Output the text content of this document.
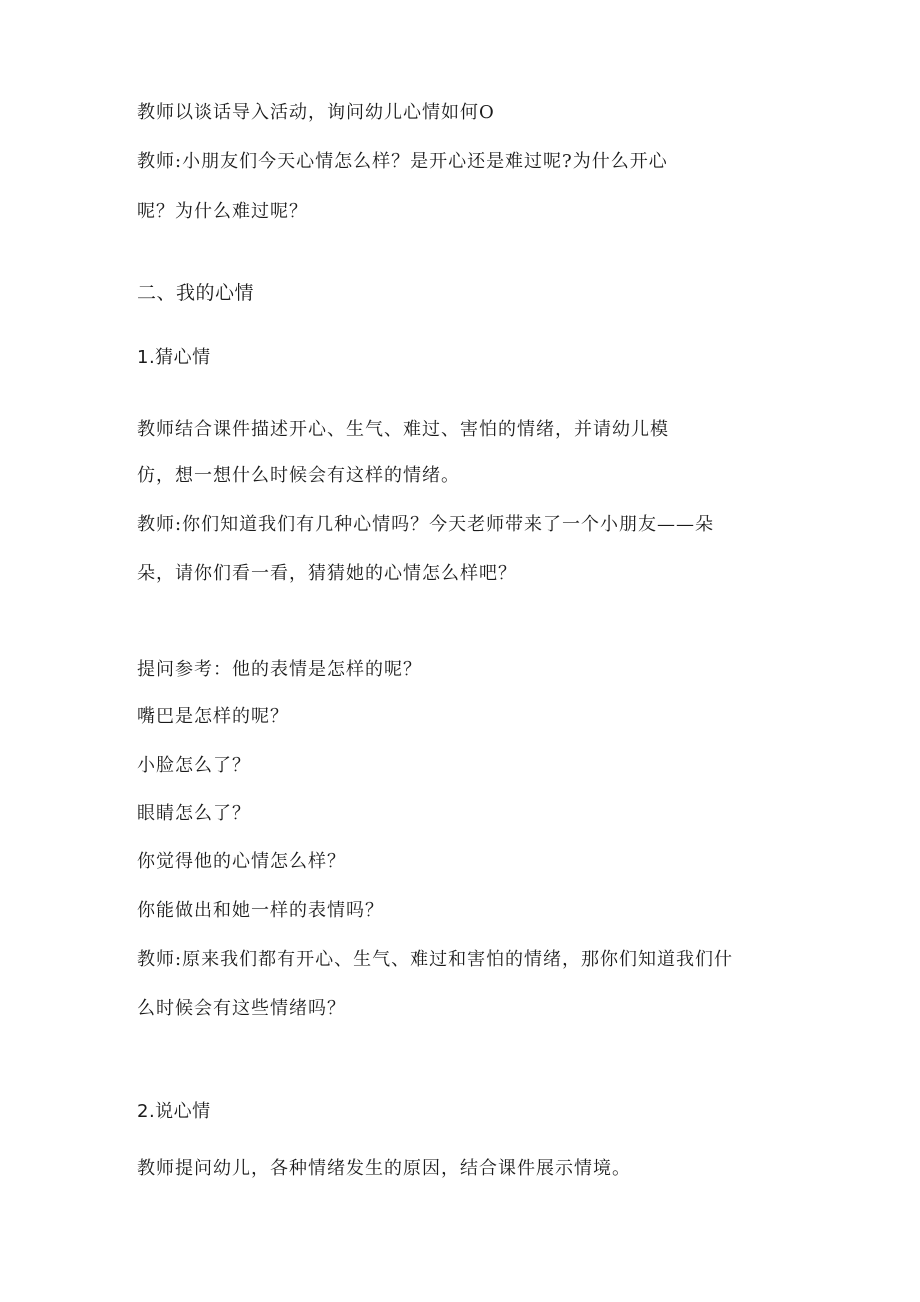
教师以谈话导入活动，询问幼儿心情如何O
教师:小朋友们今天心情怎么样？是开心还是难过呢?为什么开心
呢？为什么难过呢？
二、我的心情
1.猜心情
教师结合课件描述开心、生气、难过、害怕的情绪，并请幼儿模
仿，想一想什么时候会有这样的情绪。
教师:你们知道我们有几种心情吗？今天老师带来了一个小朋友——朵
朵，请你们看一看，猜猜她的心情怎么样吧？
提问参考：他的表情是怎样的呢？
嘴巴是怎样的呢？
小脸怎么了？
眼睛怎么了？
你觉得他的心情怎么样？
你能做出和她一样的表情吗？
教师:原来我们都有开心、生气、难过和害怕的情绪，那你们知道我们什
么时候会有这些情绪吗？
2.说心情
教师提问幼儿，各种情绪发生的原因，结合课件展示情境。
